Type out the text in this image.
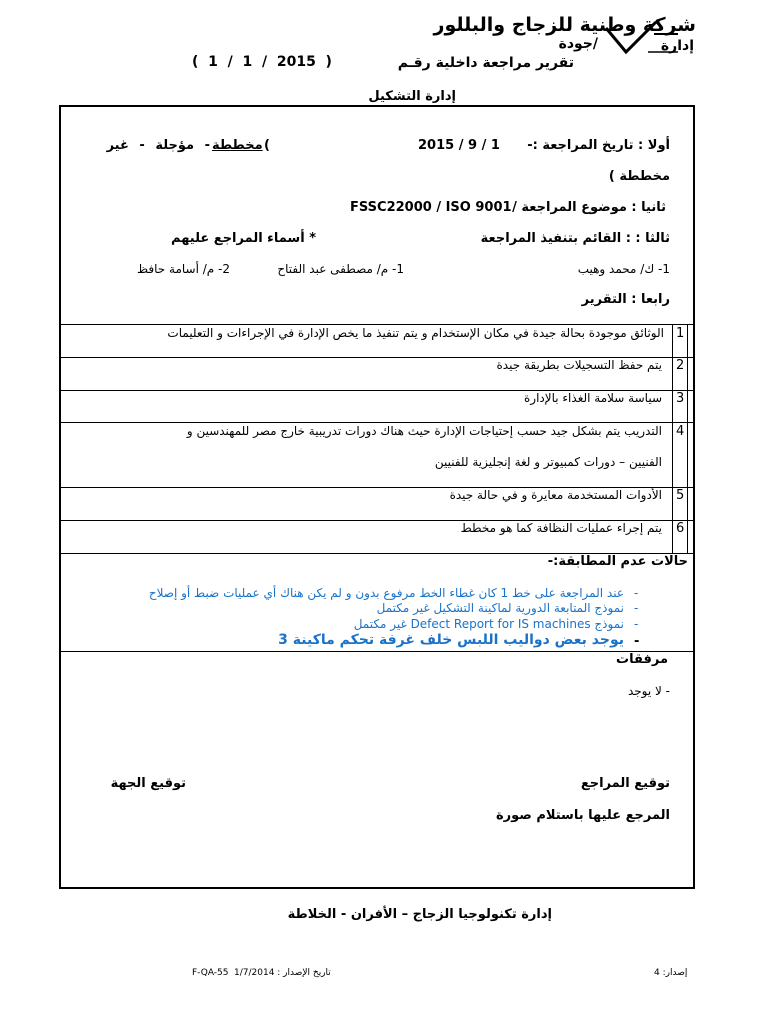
شركة وطنية للزجاج والبللور
إدارة
/جودة
تقرير مراجعة داخلية رقـم
(  1  /  1  /  2015  )
إدارة التشكيل
أولا : تاريخ المراجعة :-
1 / 9 / 2015
(
مخططة
- مؤجلة - غير
مخططة )
ثانيا : موضوع المراجعة /
FSSC22000 / ISO 9001
ثالثا : : القائم بتنفيذ المراجعة
* أسماء المراجع عليهم
1- ك/ محمد وهيب
1- م/ مصطفى عبد الفتاح
2- م/ أسامة حافظ
رابعا : التقرير
1
الوثائق موجودة بحالة جيدة في مكان الإستخدام و يتم تنفيذ ما يخص الإدارة في الإجراءات و التعليمات
2
يتم حفظ التسجيلات بطريقة جيدة
3
سياسة سلامة الغذاء بالإدارة
4
التدريب يتم بشكل جيد حسب إحتياجات الإدارة حيث هناك دورات تدريبية خارج مصر للمهندسين و
الفنيين – دورات كمبيوتر و لغة إنجليزية للفنيين
5
الأدوات المستخدمة معايرة و في حالة جيدة
6
يتم إجراء عمليات النظافة كما هو مخطط
حالات عدم المطابقة:-
-
عند المراجعة على خط 1 كان غطاء الخط مرفوع بدون و لم يكن هناك أي عمليات ضبط أو إصلاح
-
نموذج المتابعة الدورية لماكينة التشكيل غير مكتمل
-
نموذج Defect Report for IS machines غير مكتمل
-
يوجد بعض دواليب اللبس خلف غرفة تحكم ماكينة 3
مرفقات
- لا يوجد
توقيع المراجع
توقيع الجهة
المرجع عليها باستلام صورة
إدارة تكنولوجيا الزجاج – الأفران - الخلاطة
إصدار: 4
F-QA-55 تاريخ الإصدار : 1/7/2014
